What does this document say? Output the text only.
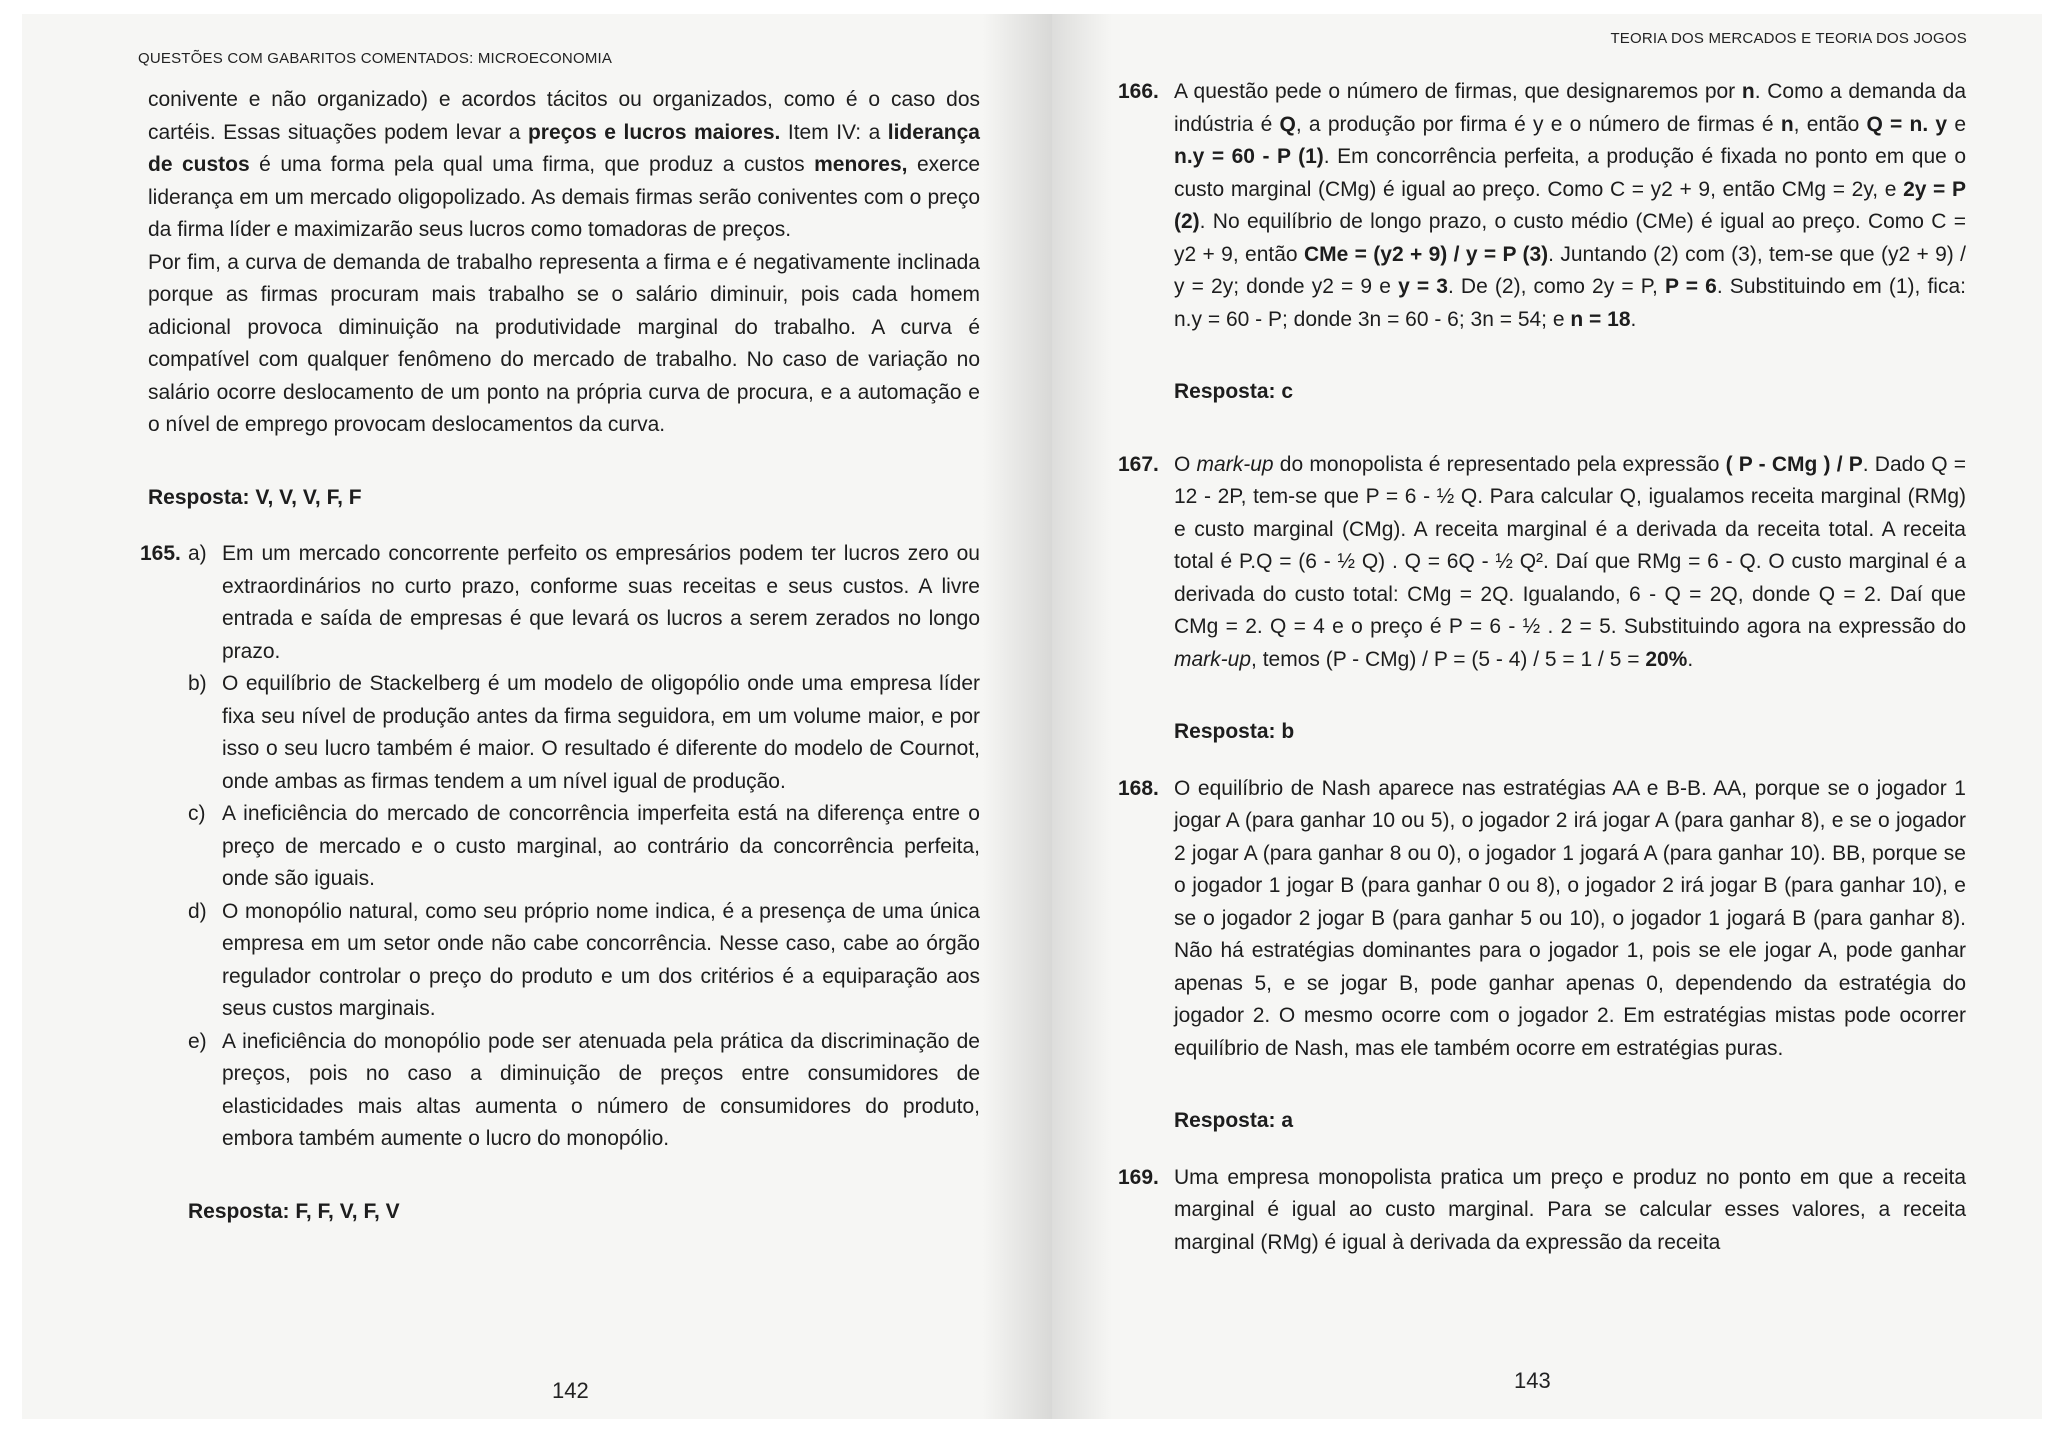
QUESTÕES COM GABARITOS COMENTADOS: MICROECONOMIA

conivente e não organizado) e acordos tácitos ou organizados, como é o caso dos cartéis. Essas situações podem levar a preços e lucros maiores. Item IV: a liderança de custos é uma forma pela qual uma firma, que produz a custos menores, exerce liderança em um mercado oligopolizado. As demais firmas serão coniventes com o preço da firma líder e maximizarão seus lucros como tomadoras de preços.

Por fim, a curva de demanda de trabalho representa a firma e é negativamente inclinada porque as firmas procuram mais trabalho se o salário diminuir, pois cada homem adicional provoca diminuição na produtividade marginal do trabalho. A curva é compatível com qualquer fenômeno do mercado de trabalho. No caso de variação no salário ocorre deslocamento de um ponto na própria curva de procura, e a automação e o nível de emprego provocam deslocamentos da curva.

Resposta: V, V, V, F, F

165. a) Em um mercado concorrente perfeito os empresários podem ter lucros zero ou extraordinários no curto prazo, conforme suas receitas e seus custos. A livre entrada e saída de empresas é que levará os lucros a serem zerados no longo prazo.

b) O equilíbrio de Stackelberg é um modelo de oligopólio onde uma empresa líder fixa seu nível de produção antes da firma seguidora, em um volume maior, e por isso o seu lucro também é maior. O resultado é diferente do modelo de Cournot, onde ambas as firmas tendem a um nível igual de produção.

c) A ineficiência do mercado de concorrência imperfeita está na diferença entre o preço de mercado e o custo marginal, ao contrário da concorrência perfeita, onde são iguais.

d) O monopólio natural, como seu próprio nome indica, é a presença de uma única empresa em um setor onde não cabe concorrência. Nesse caso, cabe ao órgão regulador controlar o preço do produto e um dos critérios é a equiparação aos seus custos marginais.

e) A ineficiência do monopólio pode ser atenuada pela prática da discriminação de preços, pois no caso a diminuição de preços entre consumidores de elasticidades mais altas aumenta o número de consumidores do produto, embora também aumente o lucro do monopólio.

Resposta: F, F, V, F, V

142
TEORIA DOS MERCADOS E TEORIA DOS JOGOS
166. A questão pede o número de firmas, que designaremos por n. Como a demanda da indústria é Q, a produção por firma é y e o número de firmas é n, então Q = n. y e n.y = 60 - P (1). Em concorrência perfeita, a produção é fixada no ponto em que o custo marginal (CMg) é igual ao preço. Como C = y2 + 9, então CMg = 2y, e 2y = P (2). No equilíbrio de longo prazo, o custo médio (CMe) é igual ao preço. Como C = y2 + 9, então CMe = (y2 + 9) / y = P (3). Juntando (2) com (3), tem-se que (y2 + 9) / y = 2y; donde y2 = 9 e y = 3. De (2), como 2y = P, P = 6. Substituindo em (1), fica: n.y = 60 - P; donde 3n = 60 - 6; 3n = 54; e n = 18.

Resposta: c

167. O mark-up do monopolista é representado pela expressão ( P - CMg ) / P. Dado Q = 12 - 2P, tem-se que P = 6 - ½ Q. Para calcular Q, igualamos receita marginal (RMg) e custo marginal (CMg). A receita marginal é a derivada da receita total. A receita total é P.Q = (6 - ½ Q) . Q = 6Q - ½ Q². Daí que RMg = 6 - Q. O custo marginal é a derivada do custo total: CMg = 2Q. Igualando, 6 - Q = 2Q, donde Q = 2. Daí que CMg = 2. Q = 4 e o preço é P = 6 - ½ . 2 = 5. Substituindo agora na expressão do mark-up, temos (P - CMg) / P = (5 - 4) / 5 = 1 / 5 = 20%.

Resposta: b

168. O equilíbrio de Nash aparece nas estratégias AA e B-B. AA, porque se o jogador 1 jogar A (para ganhar 10 ou 5), o jogador 2 irá jogar A (para ganhar 8), e se o jogador 2 jogar A (para ganhar 8 ou 0), o jogador 1 jogará A (para ganhar 10). BB, porque se o jogador 1 jogar B (para ganhar 0 ou 8), o jogador 2 irá jogar B (para ganhar 10), e se o jogador 2 jogar B (para ganhar 5 ou 10), o jogador 1 jogará B (para ganhar 8). Não há estratégias dominantes para o jogador 1, pois se ele jogar A, pode ganhar apenas 5, e se jogar B, pode ganhar apenas 0, dependendo da estratégia do jogador 2. O mesmo ocorre com o jogador 2. Em estratégias mistas pode ocorrer equilíbrio de Nash, mas ele também ocorre em estratégias puras.

Resposta: a

169. Uma empresa monopolista pratica um preço e produz no ponto em que a receita marginal é igual ao custo marginal. Para se calcular esses valores, a receita marginal (RMg) é igual à derivada da expressão da receita
143
